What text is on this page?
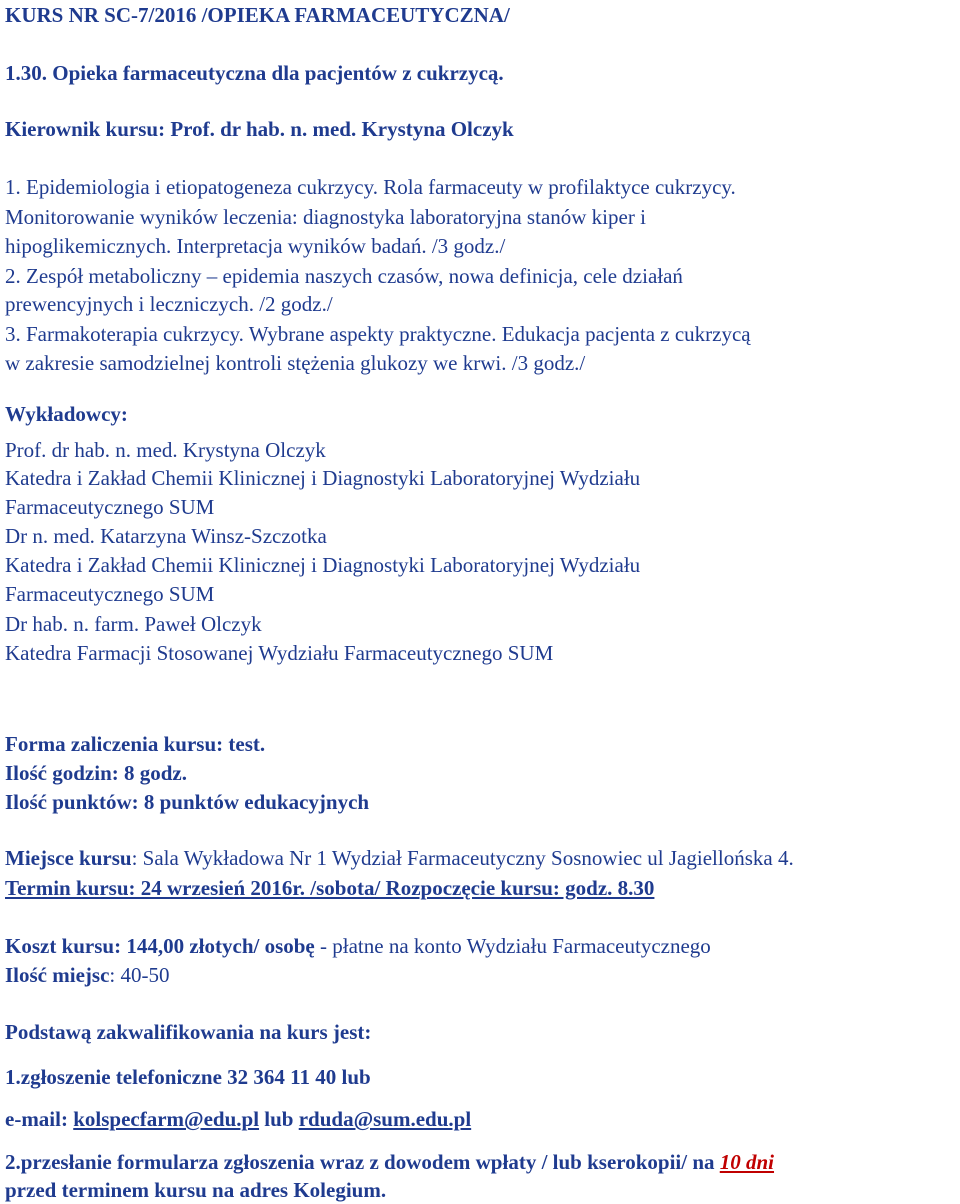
KURS NR SC-7/2016 /OPIEKA FARMACEUTYCZNA/
1.30. Opieka farmaceutyczna dla pacjentów z cukrzycą.
Kierownik kursu: Prof. dr hab. n. med. Krystyna Olczyk
1. Epidemiologia i etiopatogeneza cukrzycy. Rola farmaceuty w profilaktyce cukrzycy.
Monitorowanie wyników leczenia: diagnostyka laboratoryjna stanów kiper i
hipoglikemicznych. Interpretacja wyników badań. /3 godz./
2. Zespół metaboliczny – epidemia naszych czasów, nowa definicja, cele działań
prewencyjnych i leczniczych. /2 godz./
3. Farmakoterapia cukrzycy. Wybrane aspekty praktyczne. Edukacja pacjenta z cukrzycą
w zakresie samodzielnej kontroli stężenia glukozy we krwi. /3 godz./
Wykładowcy:
Prof. dr hab. n. med. Krystyna Olczyk
Katedra i Zakład Chemii Klinicznej i Diagnostyki Laboratoryjnej Wydziału
Farmaceutycznego SUM
Dr n. med. Katarzyna Winsz-Szczotka
Katedra i Zakład Chemii Klinicznej i Diagnostyki Laboratoryjnej Wydziału
Farmaceutycznego SUM
Dr hab. n. farm. Paweł Olczyk
Katedra Farmacji Stosowanej Wydziału Farmaceutycznego SUM
Forma zaliczenia kursu: test.
Ilość godzin: 8 godz.
Ilość punktów: 8 punktów edukacyjnych
Miejsce kursu: Sala Wykładowa Nr 1 Wydział Farmaceutyczny Sosnowiec ul Jagiellońska 4.
Termin kursu: 24 wrzesień 2016r. /sobota/ Rozpoczęcie kursu: godz. 8.30
Koszt kursu: 144,00 złotych/ osobę - płatne na konto Wydziału Farmaceutycznego
Ilość miejsc: 40-50
Podstawą zakwalifikowania na kurs jest:
1.zgłoszenie telefoniczne 32 364 11 40 lub
e-mail: kolspecfarm@edu.pl lub rduda@sum.edu.pl
2.przesłanie formularza zgłoszenia wraz z dowodem wpłaty / lub kserokopii/ na 10 dni
przed terminem kursu na adres Kolegium.
